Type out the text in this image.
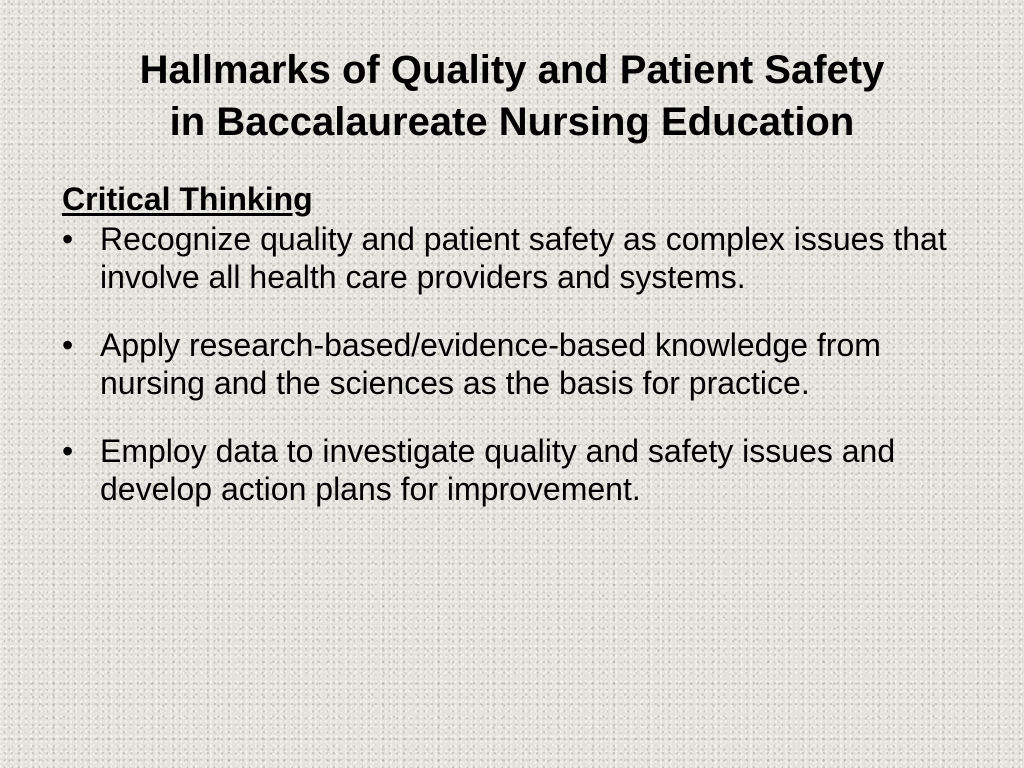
Hallmarks of Quality and Patient Safety
in Baccalaureate Nursing Education
Critical Thinking
• Recognize quality and patient safety as complex issues that involve all health care providers and systems.
• Apply research-based/evidence-based knowledge from nursing and the sciences as the basis for practice.
• Employ data to investigate quality and safety issues and develop action plans for improvement.
